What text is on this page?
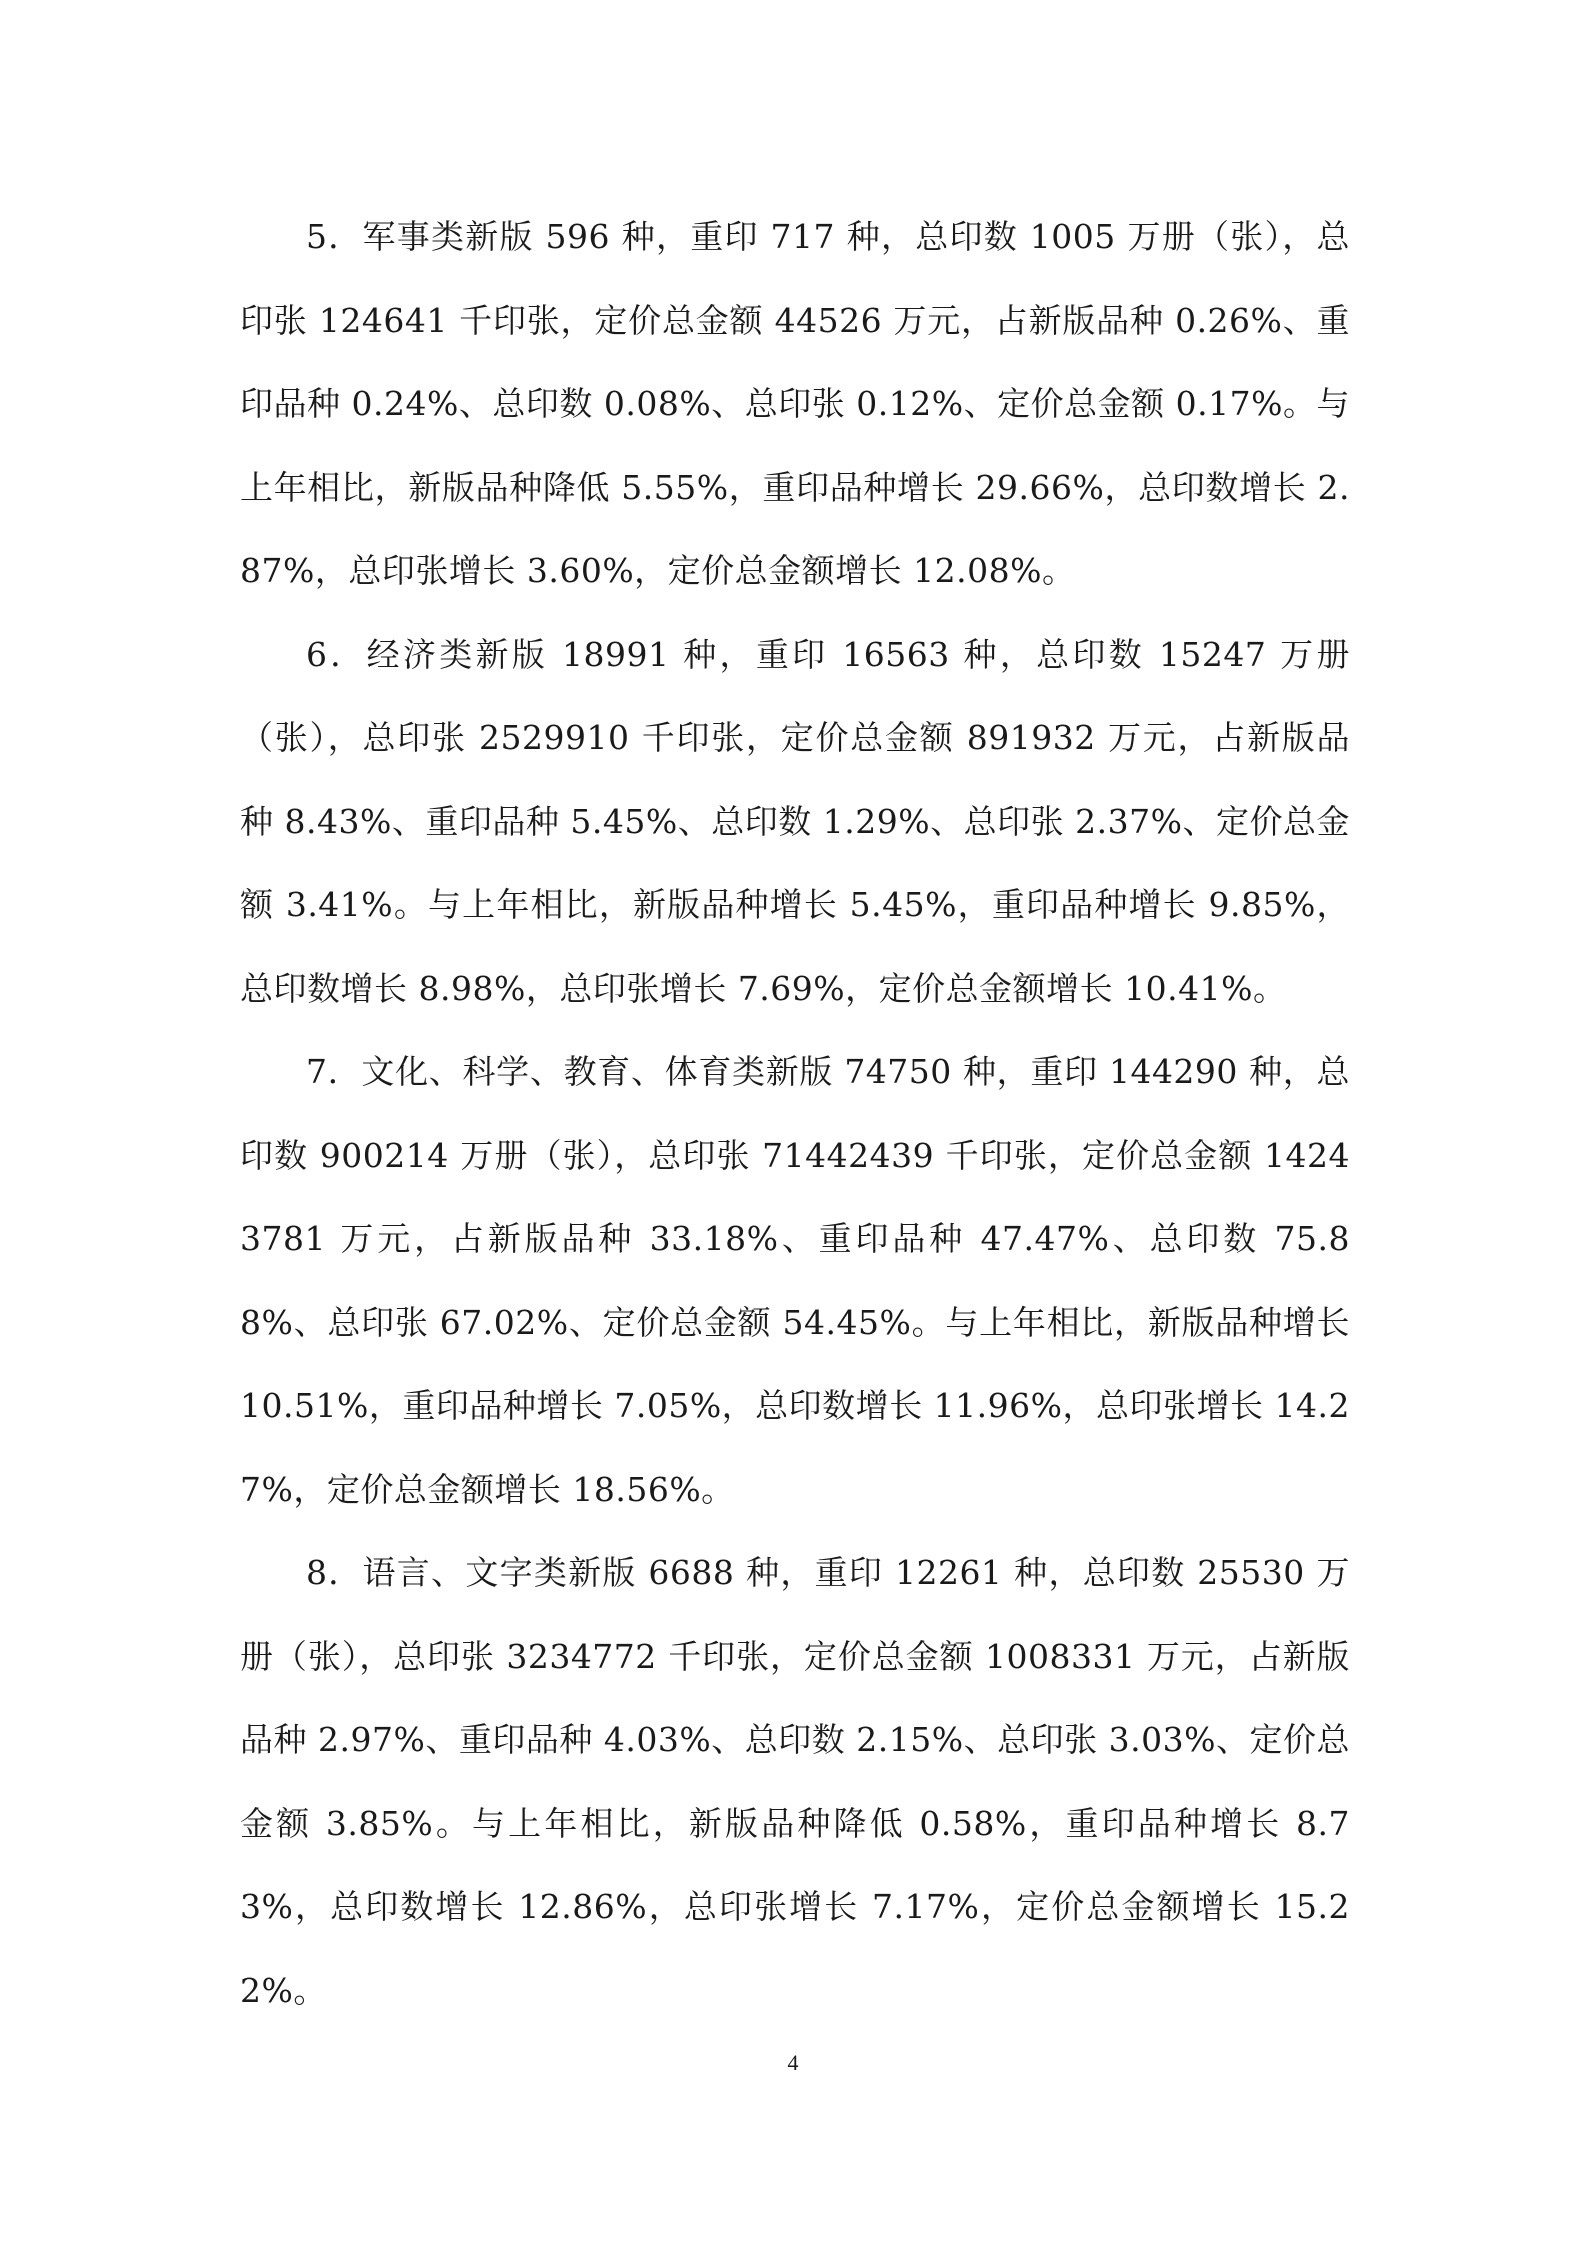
5．军事类新版 596 种，重印 717 种，总印数 1005 万册（张），总印张 124641 千印张，定价总金额 44526 万元，占新版品种 0.26%、重印品种 0.24%、总印数 0.08%、总印张 0.12%、定价总金额 0.17%。与上年相比，新版品种降低 5.55%，重印品种增长 29.66%，总印数增长 2.87%，总印张增长 3.60%，定价总金额增长 12.08%。

6．经济类新版 18991 种，重印 16563 种，总印数 15247 万册（张），总印张 2529910 千印张，定价总金额 891932 万元，占新版品种 8.43%、重印品种 5.45%、总印数 1.29%、总印张 2.37%、定价总金额 3.41%。与上年相比，新版品种增长 5.45%，重印品种增长 9.85%，总印数增长 8.98%，总印张增长 7.69%，定价总金额增长 10.41%。

7．文化、科学、教育、体育类新版 74750 种，重印 144290 种，总印数 900214 万册（张），总印张 71442439 千印张，定价总金额 14243781 万元，占新版品种 33.18%、重印品种 47.47%、总印数 75.88%、总印张 67.02%、定价总金额 54.45%。与上年相比，新版品种增长 10.51%，重印品种增长 7.05%，总印数增长 11.96%，总印张增长 14.27%，定价总金额增长 18.56%。

8．语言、文字类新版 6688 种，重印 12261 种，总印数 25530 万册（张），总印张 3234772 千印张，定价总金额 1008331 万元，占新版品种 2.97%、重印品种 4.03%、总印数 2.15%、总印张 3.03%、定价总金额 3.85%。与上年相比，新版品种降低 0.58%，重印品种增长 8.73%，总印数增长 12.86%，总印张增长 7.17%，定价总金额增长 15.22%。

4
